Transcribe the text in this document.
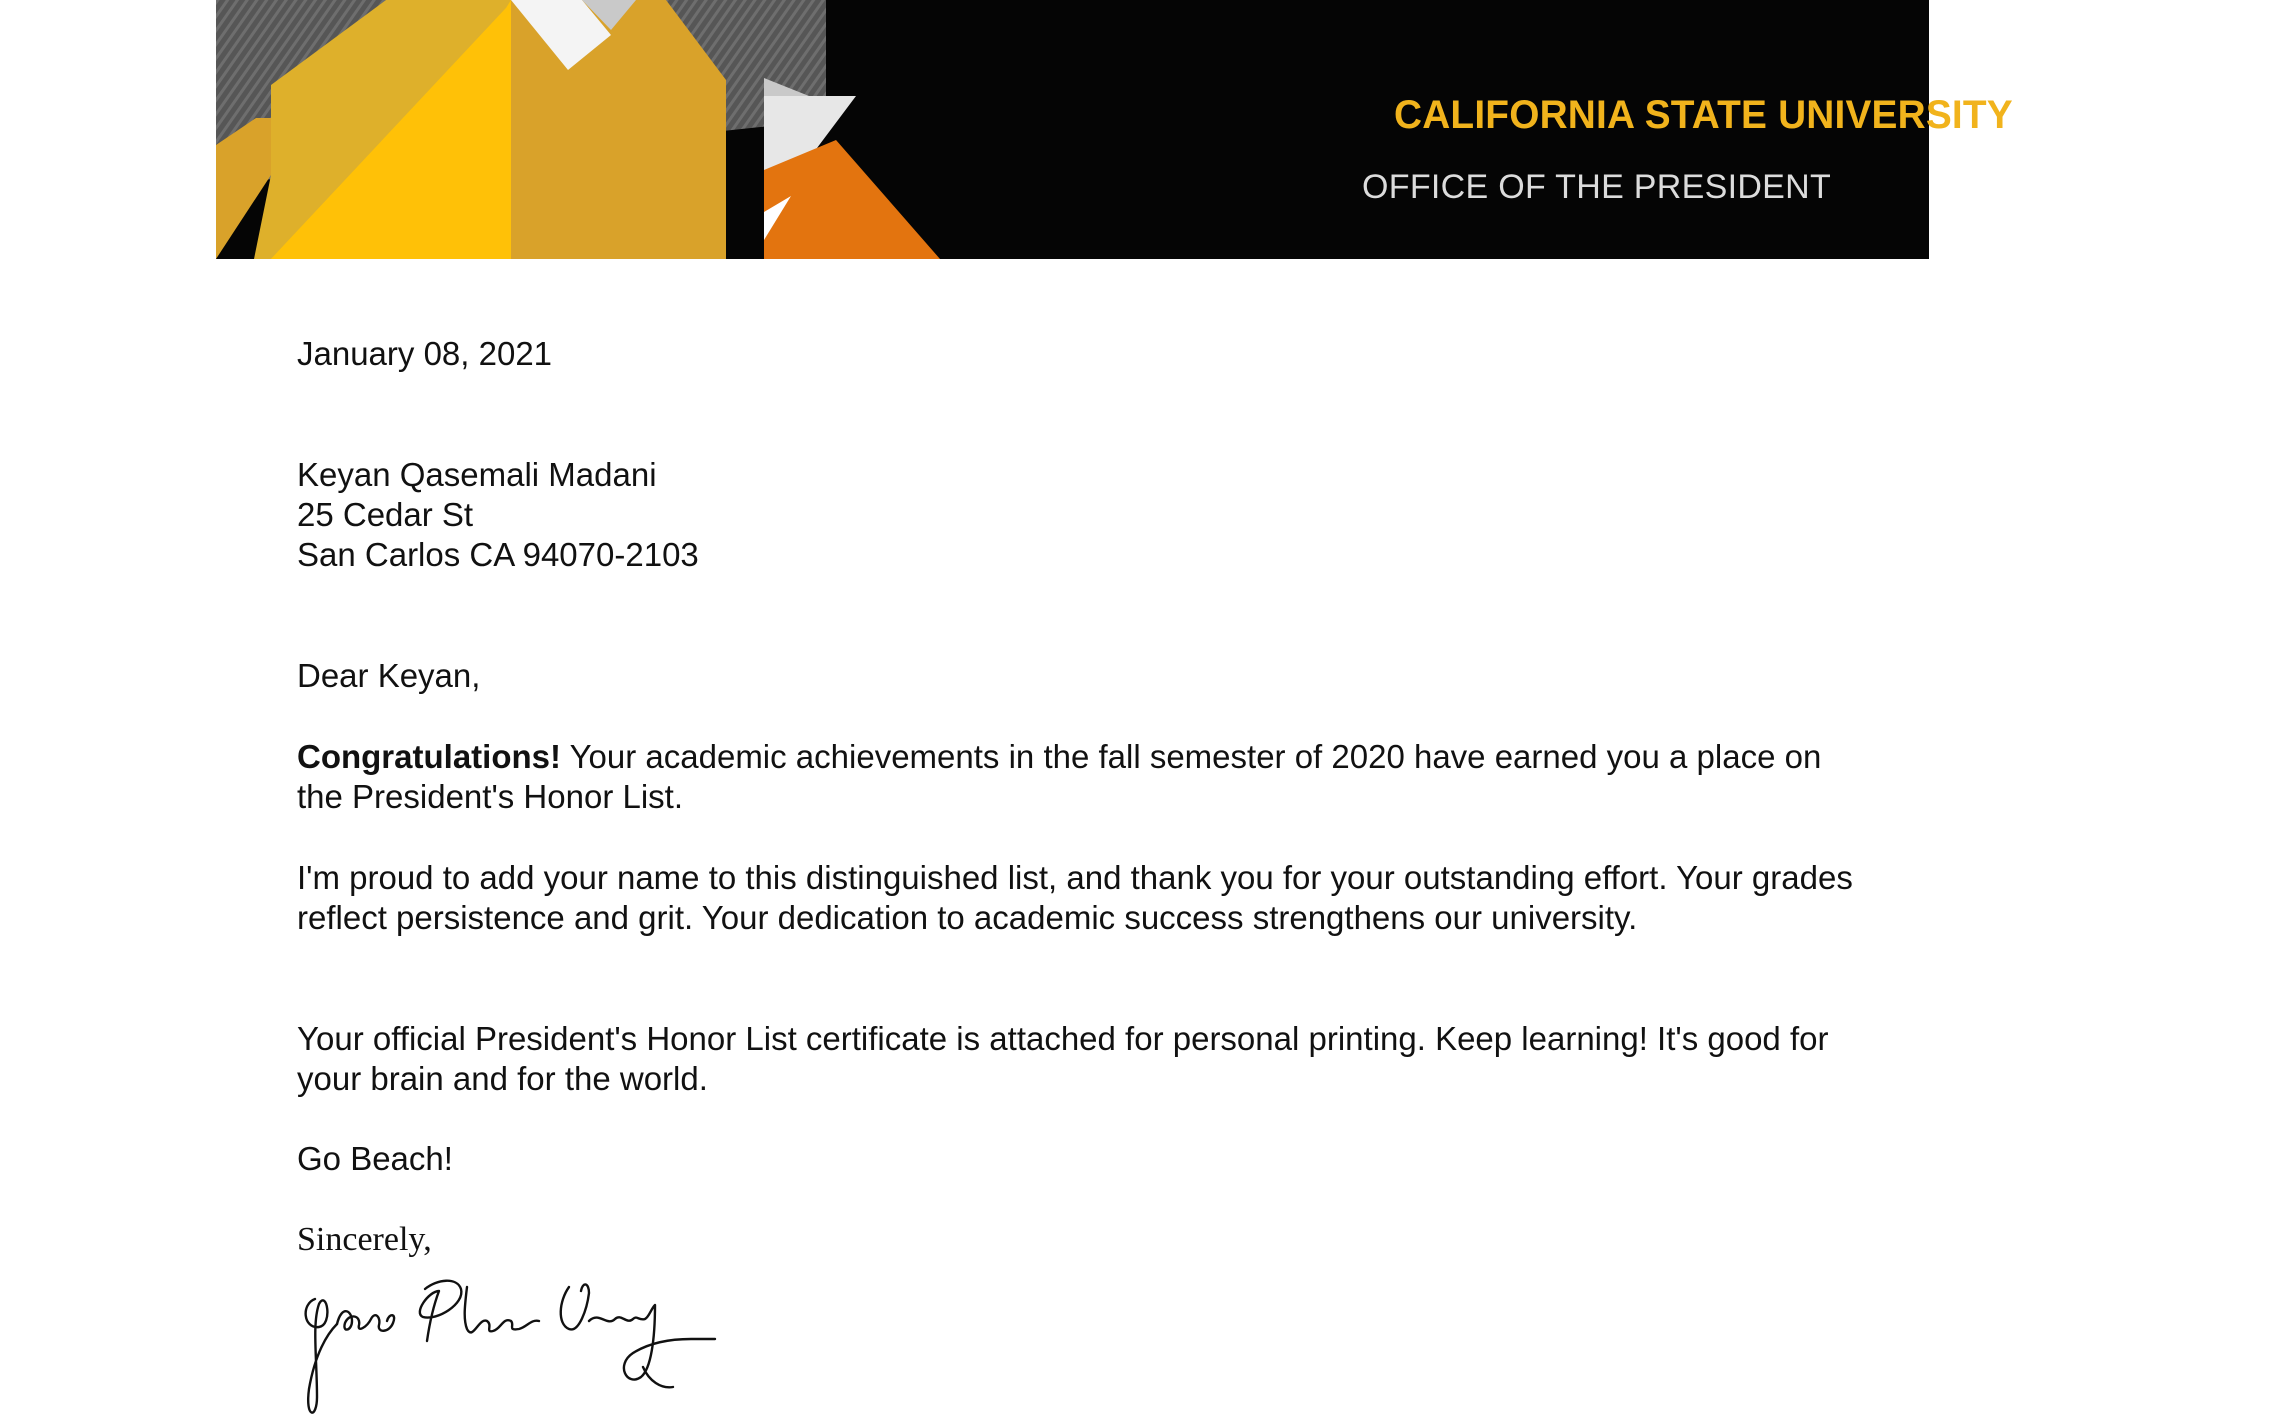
CALIFORNIA STATE UNIVERSITY LONG BEACH
OFFICE OF THE PRESIDENT
January 08, 2021
Keyan Qasemali Madani
25 Cedar St
San Carlos CA 94070-2103
Dear Keyan,
Congratulations! Your academic achievements in the fall semester of 2020 have earned you a place on the President's Honor List.
I'm proud to add your name to this distinguished list, and thank you for your outstanding effort. Your grades reflect persistence and grit. Your dedication to academic success strengthens our university.
Your official President's Honor List certificate is attached for personal printing. Keep learning! It's good for your brain and for the world.
Go Beach!
Sincerely,
